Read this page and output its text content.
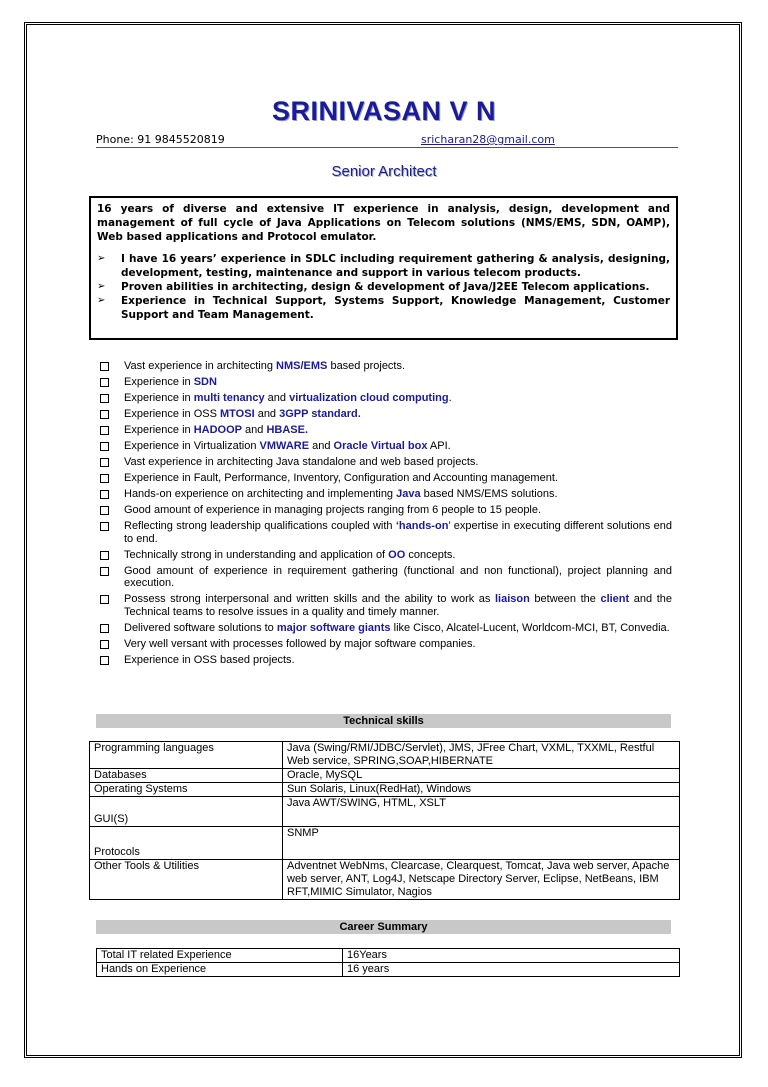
SRINIVASAN V N
Phone: 91 9845520819	sricharan28@gmail.com
Senior Architect

16 years of diverse and extensive IT experience in analysis, design, development and management of full cycle of Java Applications on Telecom solutions (NMS/EMS, SDN, OAMP), Web based applications and Protocol emulator.

➢ I have 16 years’ experience in SDLC including requirement gathering & analysis, designing, development, testing, maintenance and support in various telecom products.
➢ Proven abilities in architecting, design & development of Java/J2EE Telecom applications.
➢ Experience in Technical Support, Systems Support, Knowledge Management, Customer Support and Team Management.
Vast experience in architecting NMS/EMS based projects.
Experience in SDN
Experience in multi tenancy and virtualization cloud computing.
Experience in OSS MTOSI and 3GPP standard.
Experience in HADOOP and HBASE.
Experience in Virtualization VMWARE and Oracle Virtual box API.
Vast experience in architecting Java standalone and web based projects.
Experience in Fault, Performance, Inventory, Configuration and Accounting management.
Hands-on experience on architecting and implementing Java based NMS/EMS solutions.
Good amount of experience in managing projects ranging from 6 people to 15 people.
Reflecting strong leadership qualifications coupled with ‘hands-on’ expertise in executing different solutions end to end.
Technically strong in understanding and application of OO concepts.
Good amount of experience in requirement gathering (functional and non functional), project planning and execution.
Possess strong interpersonal and written skills and the ability to work as liaison between the client and the Technical teams to resolve issues in a quality and timely manner.
Delivered software solutions to major software giants like Cisco, Alcatel-Lucent, Worldcom-MCI, BT, Convedia.
Very well versant with processes followed by major software companies.
Experience in OSS based projects.
Technical skills
Programming languages	Java (Swing/RMI/JDBC/Servlet), JMS, JFree Chart, VXML, TXXML, Restful Web service, SPRING,SOAP,HIBERNATE
Databases	Oracle, MySQL
Operating Systems	Sun Solaris, Linux(RedHat), Windows
GUI(S)	Java AWT/SWING, HTML, XSLT
Protocols	SNMP
Other Tools & Utilities	Adventnet WebNms, Clearcase, Clearquest, Tomcat, Java web server, Apache web server, ANT, Log4J, Netscape Directory Server, Eclipse, NetBeans, IBM RFT,MIMIC Simulator, Nagios
Career Summary
Total IT related Experience	16Years
Hands on Experience	16 years
